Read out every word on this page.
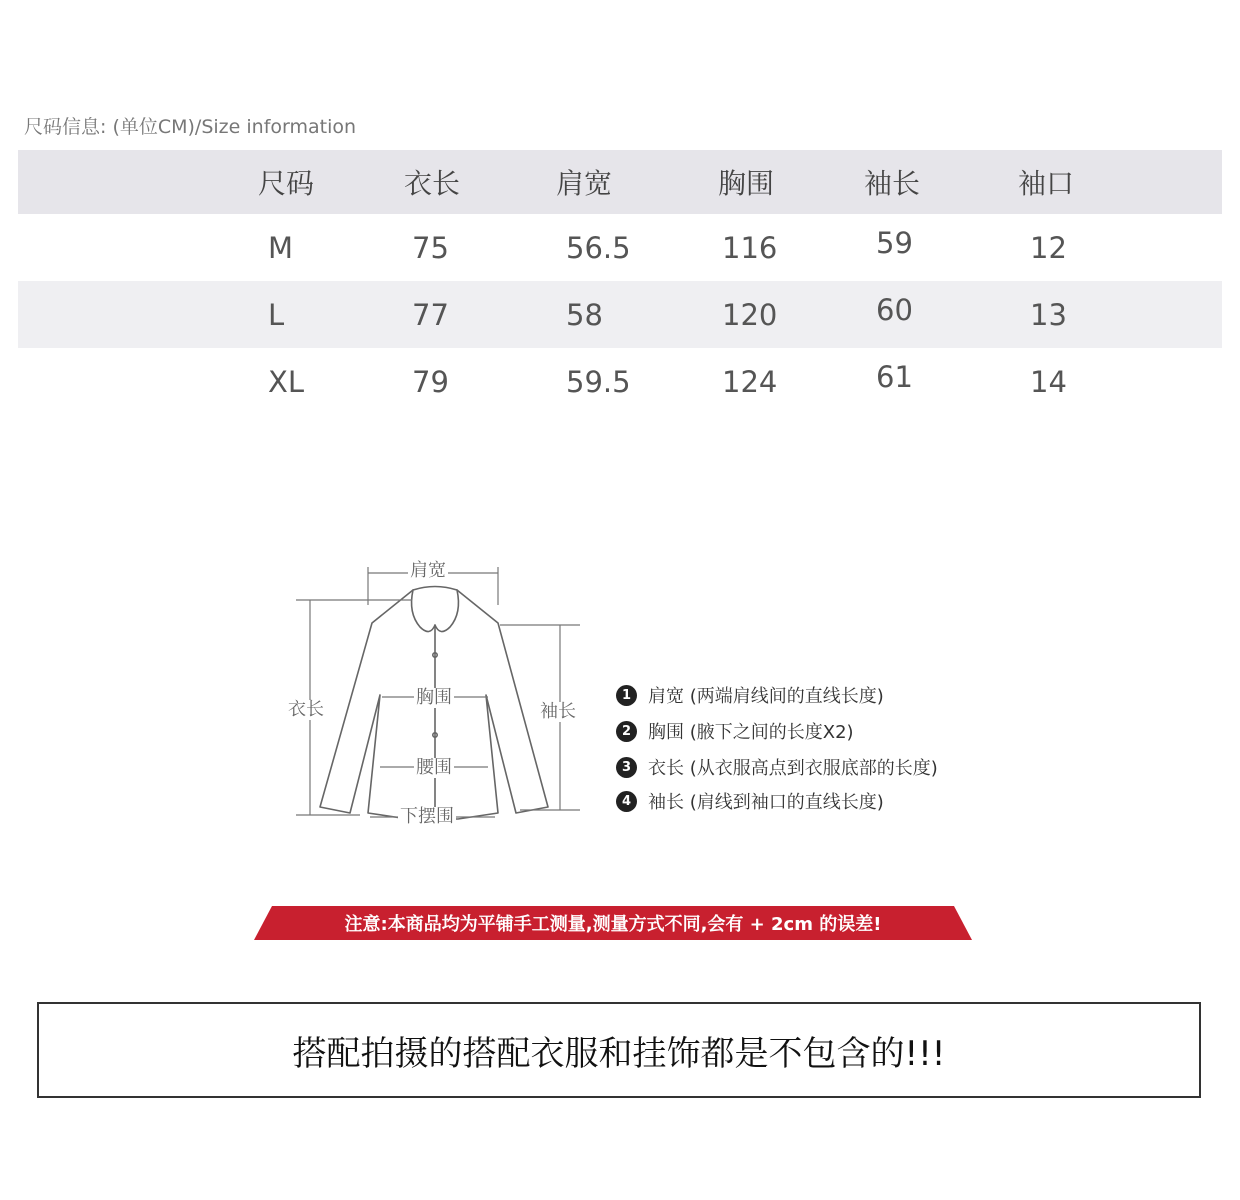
尺码信息: (单位CM)/Size information
尺码	衣长	肩宽	胸围	袖长	袖口
M	75	56.5	116	59	12
L	77	58	120	60	13
XL	79	59.5	124	61	14
肩宽
衣长
胸围
袖长
腰围
下摆围
1 肩宽 (两端肩线间的直线长度)
2 胸围 (腋下之间的长度X2)
3 衣长 (从衣服高点到衣服底部的长度)
4 袖长 (肩线到袖口的直线长度)
注意:本商品均为平铺手工测量,测量方式不同,会有 + 2cm 的误差!
搭配拍摄的搭配衣服和挂饰都是不包含的!!!
